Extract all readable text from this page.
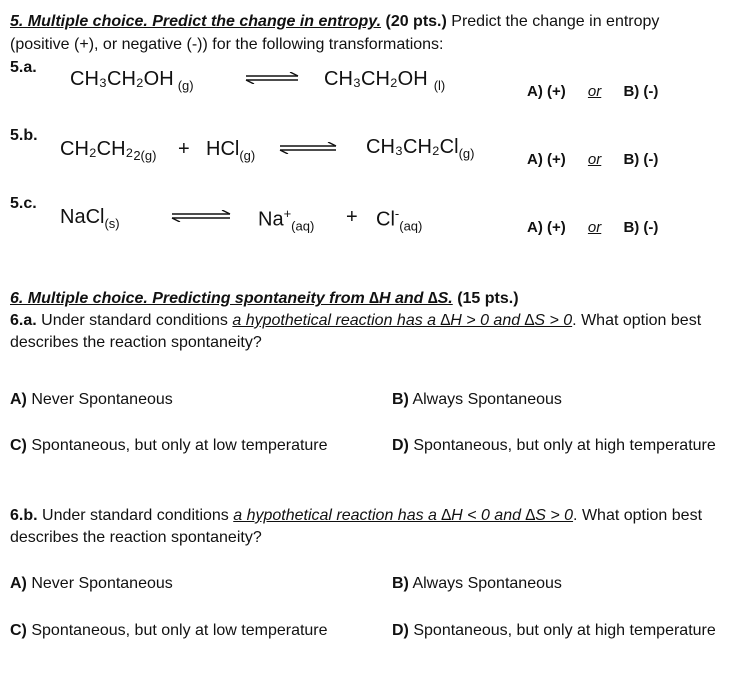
5. Multiple choice. Predict the change in entropy. (20 pts.) Predict the change in entropy
(positive (+), or negative (-)) for the following transformations:
5.a.
CH₃CH₂OH $_{(g)}$	⇌ CH₃CH₂OH $_{(l)}$	A) (+) or B) (-)
5.b.
$CH_2CH_2_{2(g)} + HCl_{(g)}$ ⇌ $CH_3CH_2Cl_{(g)}$	A) (+) or B) (-)
5.c.
NaCl$_{(s)}$	$Na^+_{(aq)} + Cl^-_{(aq)}$	A) (+) or B) (-)
6. Multiple choice. Predicting spontaneity from ∆H and ∆S. (15 pts.)
6.a. Under standard conditions a hypothetical reaction has a ∆H > 0 and ∆S > 0. What option best
describes the reaction spontaneity?
A) Never Spontaneous	B) Always Spontaneous
C) Spontaneous, but only at low temperature	D) Spontaneous, but only at high temperature
6.b. Under standard conditions a hypothetical reaction has a ∆H < 0 and ∆S > 0. What option best
describes the reaction spontaneity?
A) Never Spontaneous	B) Always Spontaneous
C) Spontaneous, but only at low temperature	D) Spontaneous, but only at high temperature
